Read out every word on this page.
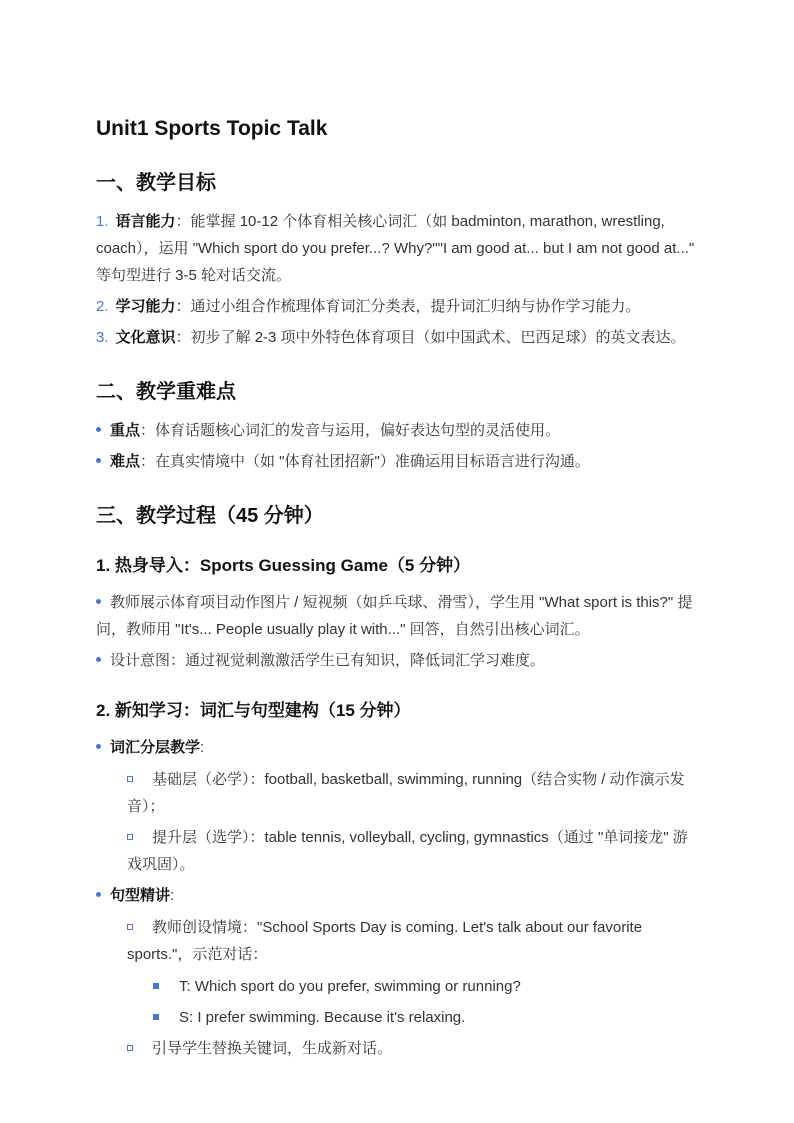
Unit1 Sports Topic Talk
一、教学目标
1. 语言能力：能掌握 10-12 个体育相关核心词汇（如 badminton, marathon, wrestling, coach），运用 "Which sport do you prefer...? Why?""I am good at... but I am not good at..." 等句型进行 3-5 轮对话交流。
2. 学习能力：通过小组合作梳理体育词汇分类表，提升词汇归纳与协作学习能力。
3. 文化意识：初步了解 2-3 项中外特色体育项目（如中国武术、巴西足球）的英文表达。
二、教学重难点
重点：体育话题核心词汇的发音与运用，偏好表达句型的灵活使用。
难点：在真实情境中（如 "体育社团招新"）准确运用目标语言进行沟通。
三、教学过程（45 分钟）
1. 热身导入：Sports Guessing Game（5 分钟）
教师展示体育项目动作图片 / 短视频（如乒乓球、滑雪），学生用 "What sport is this?" 提问，教师用 "It's... People usually play it with..." 回答，自然引出核心词汇。
设计意图：通过视觉刺激激活学生已有知识，降低词汇学习难度。
2. 新知学习：词汇与句型建构（15 分钟）
词汇分层教学:
基础层（必学）：football, basketball, swimming, running（结合实物 / 动作演示发音）；
提升层（选学）：table tennis, volleyball, cycling, gymnastics（通过 "单词接龙" 游戏巩固）。
句型精讲:
教师创设情境："School Sports Day is coming. Let's talk about our favorite sports."，示范对话：
T: Which sport do you prefer, swimming or running?
S: I prefer swimming. Because it's relaxing.
引导学生替换关键词，生成新对话。
